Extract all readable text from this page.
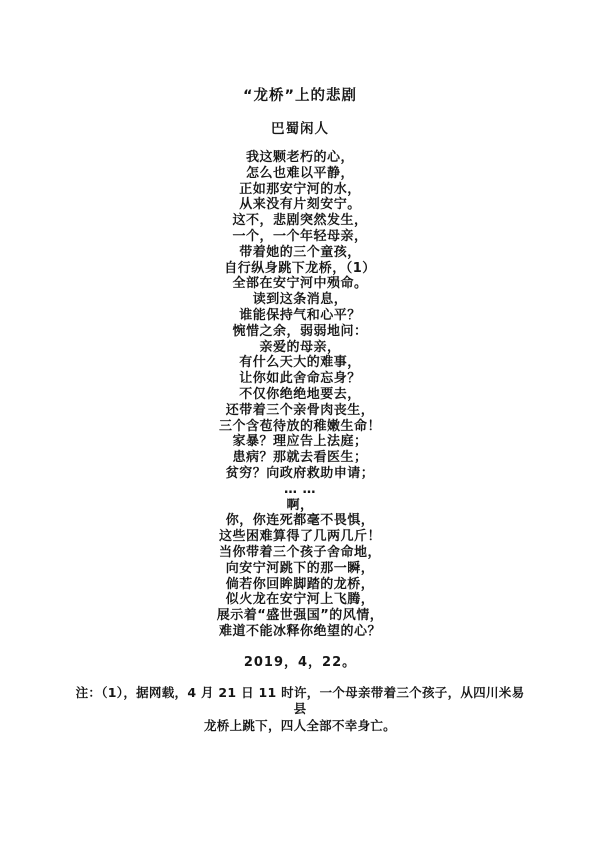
“龙桥”上的悲剧
巴蜀闲人
我这颗老朽的心，
怎么也难以平静，
正如那安宁河的水，
从来没有片刻安宁。
这不，悲剧突然发生，
一个，一个年轻母亲，
带着她的三个童孩，
自行纵身跳下龙桥，（1）
全部在安宁河中殒命。
读到这条消息，
谁能保持气和心平？
惋惜之余，弱弱地问：
亲爱的母亲，
有什么天大的难事，
让你如此舍命忘身？
不仅你绝绝地要去，
还带着三个亲骨肉丧生，
三个含苞待放的稚嫩生命！
家暴？理应告上法庭；
患病？那就去看医生；
贫穷？向政府救助申请；
… …
啊，
你，你连死都毫不畏惧，
这些困难算得了几两几斤！
当你带着三个孩子舍命地，
向安宁河跳下的那一瞬，
倘若你回眸脚踏的龙桥，
似火龙在安宁河上飞腾，
展示着“盛世强国”的风情，
难道不能冰释你绝望的心？
2019，4，22。
注：（1），据网载，4 月 21 日 11 时许，一个母亲带着三个孩子，从四川米易县
龙桥上跳下，四人全部不幸身亡。
